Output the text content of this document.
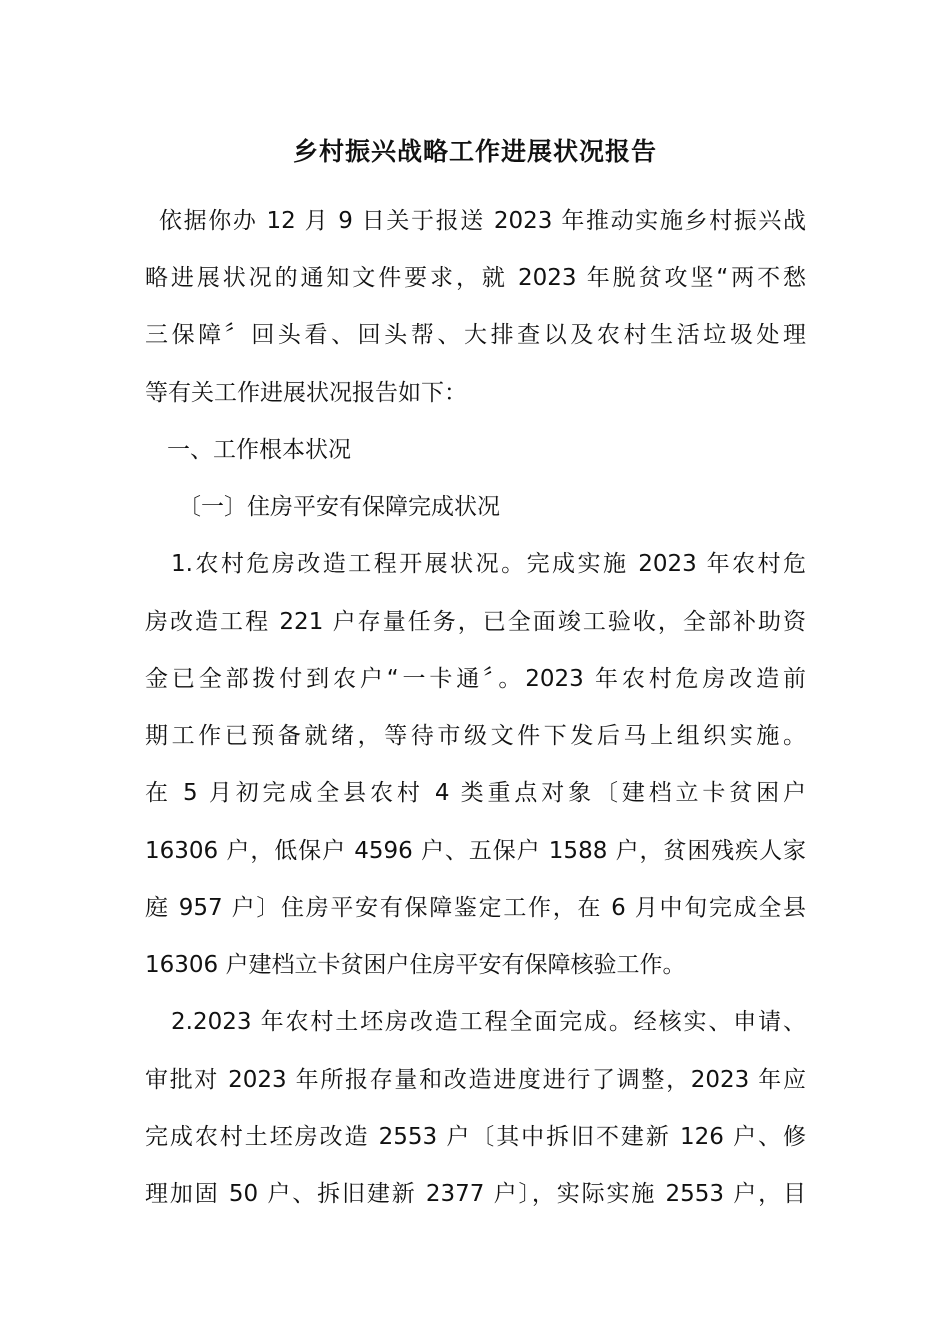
乡村振兴战略工作进展状况报告
依据你办 12 月 9 日关于报送 2023 年推动实施乡村振兴战
略进展状况的通知文件要求，就 2023 年脱贫攻坚“两不愁
三保障〞回头看、回头帮、大排查以及农村生活垃圾处理
等有关工作进展状况报告如下：
一、工作根本状况
〔一〕住房平安有保障完成状况
1.农村危房改造工程开展状况。完成实施 2023 年农村危
房改造工程 221 户存量任务，已全面竣工验收，全部补助资
金已全部拨付到农户“一卡通〞。2023 年农村危房改造前
期工作已预备就绪，等待市级文件下发后马上组织实施。
在 5 月初完成全县农村 4 类重点对象〔建档立卡贫困户
16306 户，低保户 4596 户、五保户 1588 户，贫困残疾人家
庭 957 户〕住房平安有保障鉴定工作，在 6 月中旬完成全县
16306 户建档立卡贫困户住房平安有保障核验工作。
2.2023 年农村土坯房改造工程全面完成。经核实、申请、
审批对 2023 年所报存量和改造进度进行了调整，2023 年应
完成农村土坯房改造 2553 户〔其中拆旧不建新 126 户、修
理加固 50 户、拆旧建新 2377 户〕，实际实施 2553 户，目
